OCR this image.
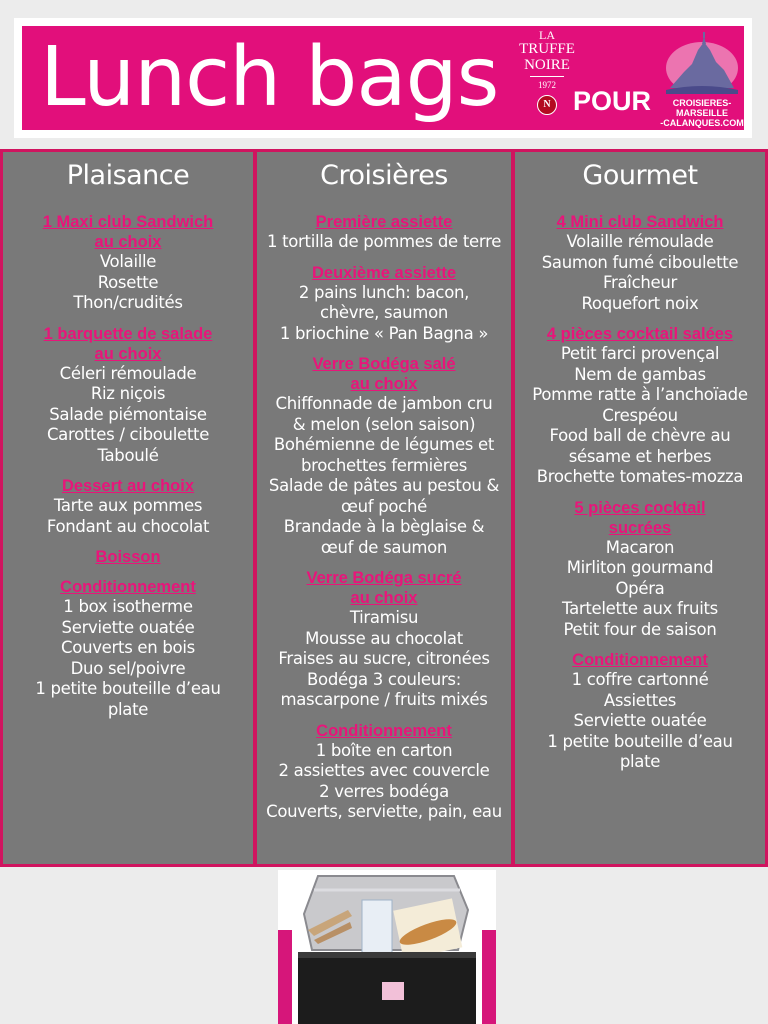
Lunch bags	LA
TRUFFE
NOIRE
1972
N POUR	CROISIERES-MARSEILLE
-CALANQUES.COM
Plaisance
1 Maxi club Sandwich
au choix
Volaille
Rosette
Thon/crudités
1 barquette de salade
au choix
Céleri rémoulade
Riz niçois
Salade piémontaise
Carottes / ciboulette
Taboulé
Dessert au choix
Tarte aux pommes
Fondant au chocolat
Boisson
Conditionnement
1 box isotherme
Serviette ouatée
Couverts en bois
Duo sel/poivre
1 petite bouteille d’eau
plate
Croisières
Première assiette
1 tortilla de pommes de terre
Deuxième assiette
2 pains lunch: bacon,
chèvre, saumon
1 briochine « Pan Bagna »
Verre Bodéga salé
au choix
Chiffonnade de jambon cru
& melon (selon saison)
Bohémienne de légumes et
brochettes fermières
Salade de pâtes au pestou &
œuf poché
Brandade à la bèglaise &
œuf de saumon
Verre Bodéga sucré
au choix
Tiramisu
Mousse au chocolat
Fraises au sucre, citronées
Bodéga 3 couleurs:
mascarpone / fruits mixés
Conditionnement
1 boîte en carton
2 assiettes avec couvercle
2 verres bodéga
Couverts, serviette, pain, eau
Gourmet
4 Mini club Sandwich
Volaille rémoulade
Saumon fumé ciboulette
Fraîcheur
Roquefort noix
4 pièces cocktail salées
Petit farci provençal
Nem de gambas
Pomme ratte à l’anchoïade
Crespéou
Food ball de chèvre au
sésame et herbes
Brochette tomates-mozza
5 pièces cocktail
sucrées
Macaron
Mirliton gourmand
Opéra
Tartelette aux fruits
Petit four de saison
Conditionnement
1 coffre cartonné
Assiettes
Serviette ouatée
1 petite bouteille d’eau
plate
